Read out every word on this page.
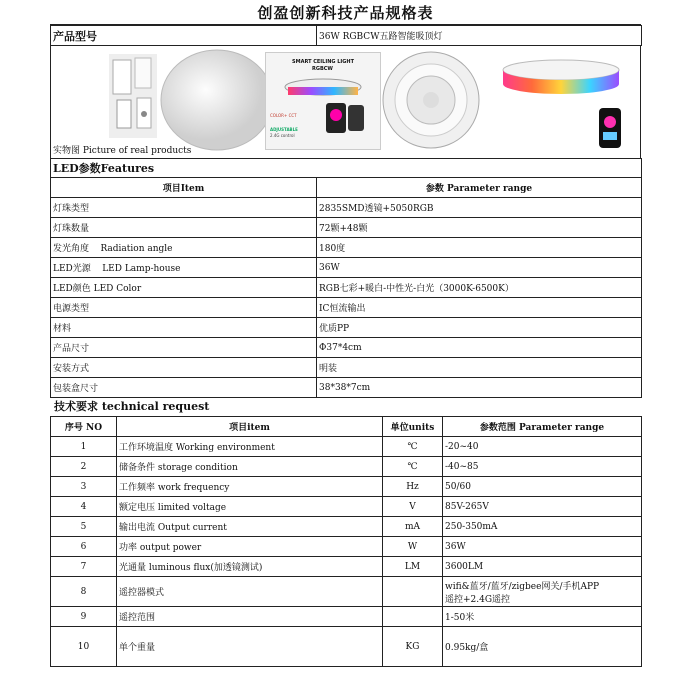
创盈创新科技产品规格表
产品型号	36W RGBCW五路智能吸顶灯
SMART CEILING LIGHT
RGBCW
COLOR+ CCT
ADJUSTABLE
2.4G control
实物图 Picture of real products
LED参数Features	
项目Item	参数 Parameter range
灯珠类型	2835SMD透镜+5050RGB
灯珠数量	72颗+48颗
发光角度    Radiation angle	180度
LED光源    LED Lamp-house	36W
LED颜色 LED Color	RGB七彩+暖白-中性光-白光（3000K-6500K）
电源类型	IC恒流输出
材料	优质PP
产品尺寸	Φ37*4cm
安装方式	明装
包装盒尺寸	38*38*7cm
技术要求 technical request
序号 NO	项目item	单位units	参数范围 Parameter range
1	工作环境温度 Working environment	℃	-20~40
2	储备条件 storage condition	℃	-40~85
3	工作频率 work frequency	Hz	50/60
4	额定电压 limited voltage	V	85V-265V
5	输出电流 Output current	mA	250-350mA
6	功率 output power	W	36W
7	光通量 luminous flux(加透镜测试)	LM	3600LM
8	遥控器模式		wifi&蓝牙/蓝牙/zigbee网关/手机APP
遥控+2.4G遥控

9	遥控范围		1-50米
10	单个重量	KG	0.95kg/盒
